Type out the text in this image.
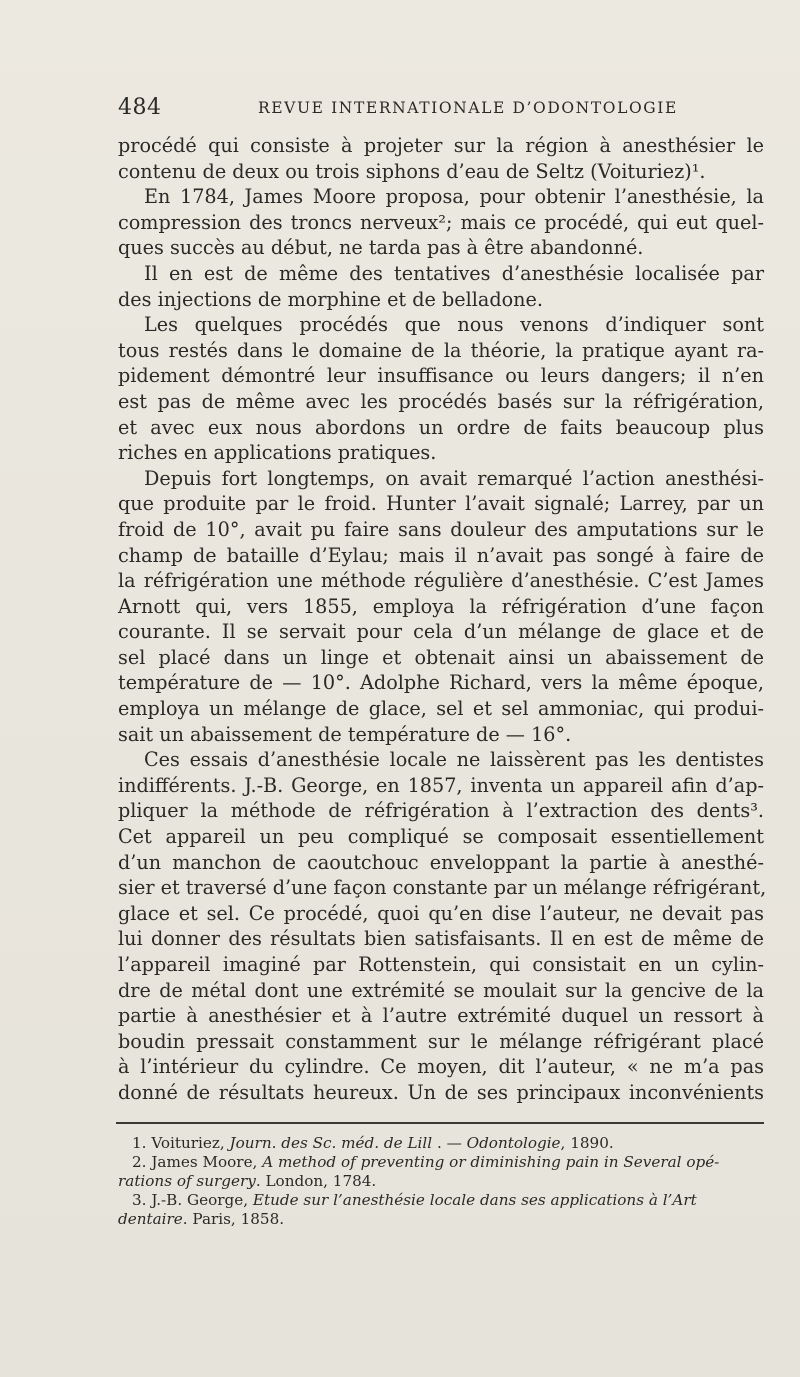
484	REVUE INTERNATIONALE D’ODONTOLOGIE
procédé qui consiste à projeter sur la région à anesthésier le
contenu de deux ou trois siphons d’eau de Seltz (Voituriez)¹.
En 1784, James Moore proposa, pour obtenir l’anesthésie, la
compression des troncs nerveux²; mais ce procédé, qui eut quel-
ques succès au début, ne tarda pas à être abandonné.
Il en est de même des tentatives d’anesthésie localisée par
des injections de morphine et de belladone.
Les quelques procédés que nous venons d’indiquer sont
tous restés dans le domaine de la théorie, la pratique ayant ra-
pidement démontré leur insuffisance ou leurs dangers; il n’en
est pas de même avec les procédés basés sur la réfrigération,
et avec eux nous abordons un ordre de faits beaucoup plus
riches en applications pratiques.
Depuis fort longtemps, on avait remarqué l’action anesthési-
que produite par le froid. Hunter l’avait signalé; Larrey, par un
froid de 10°, avait pu faire sans douleur des amputations sur le
champ de bataille d’Eylau; mais il n’avait pas songé à faire de
la réfrigération une méthode régulière d’anesthésie. C’est James
Arnott qui, vers 1855, employa la réfrigération d’une façon
courante. Il se servait pour cela d’un mélange de glace et de
sel placé dans un linge et obtenait ainsi un abaissement de
température de — 10°. Adolphe Richard, vers la même époque,
employa un mélange de glace, sel et sel ammoniac, qui produi-
sait un abaissement de température de — 16°.
Ces essais d’anesthésie locale ne laissèrent pas les dentistes
indifférents. J.-B. George, en 1857, inventa un appareil afin d’ap-
pliquer la méthode de réfrigération à l’extraction des dents³.
Cet appareil un peu compliqué se composait essentiellement
d’un manchon de caoutchouc enveloppant la partie à anesthé-
sier et traversé d’une façon constante par un mélange réfrigérant,
glace et sel. Ce procédé, quoi qu’en dise l’auteur, ne devait pas
lui donner des résultats bien satisfaisants. Il en est de même de
l’appareil imaginé par Rottenstein, qui consistait en un cylin-
dre de métal dont une extrémité se moulait sur la gencive de la
partie à anesthésier et à l’autre extrémité duquel un ressort à
boudin pressait constamment sur le mélange réfrigérant placé
à l’intérieur du cylindre. Ce moyen, dit l’auteur, « ne m’a pas
donné de résultats heureux. Un de ses principaux inconvénients
1. Voituriez, Journ. des Sc. méd. de Lill . — Odontologie, 1890.
2. James Moore, A method of preventing or diminishing pain in Several opé-
rations of surgery. London, 1784.
3. J.-B. George, Etude sur l’anesthésie locale dans ses applications à l’Art
dentaire. Paris, 1858.
